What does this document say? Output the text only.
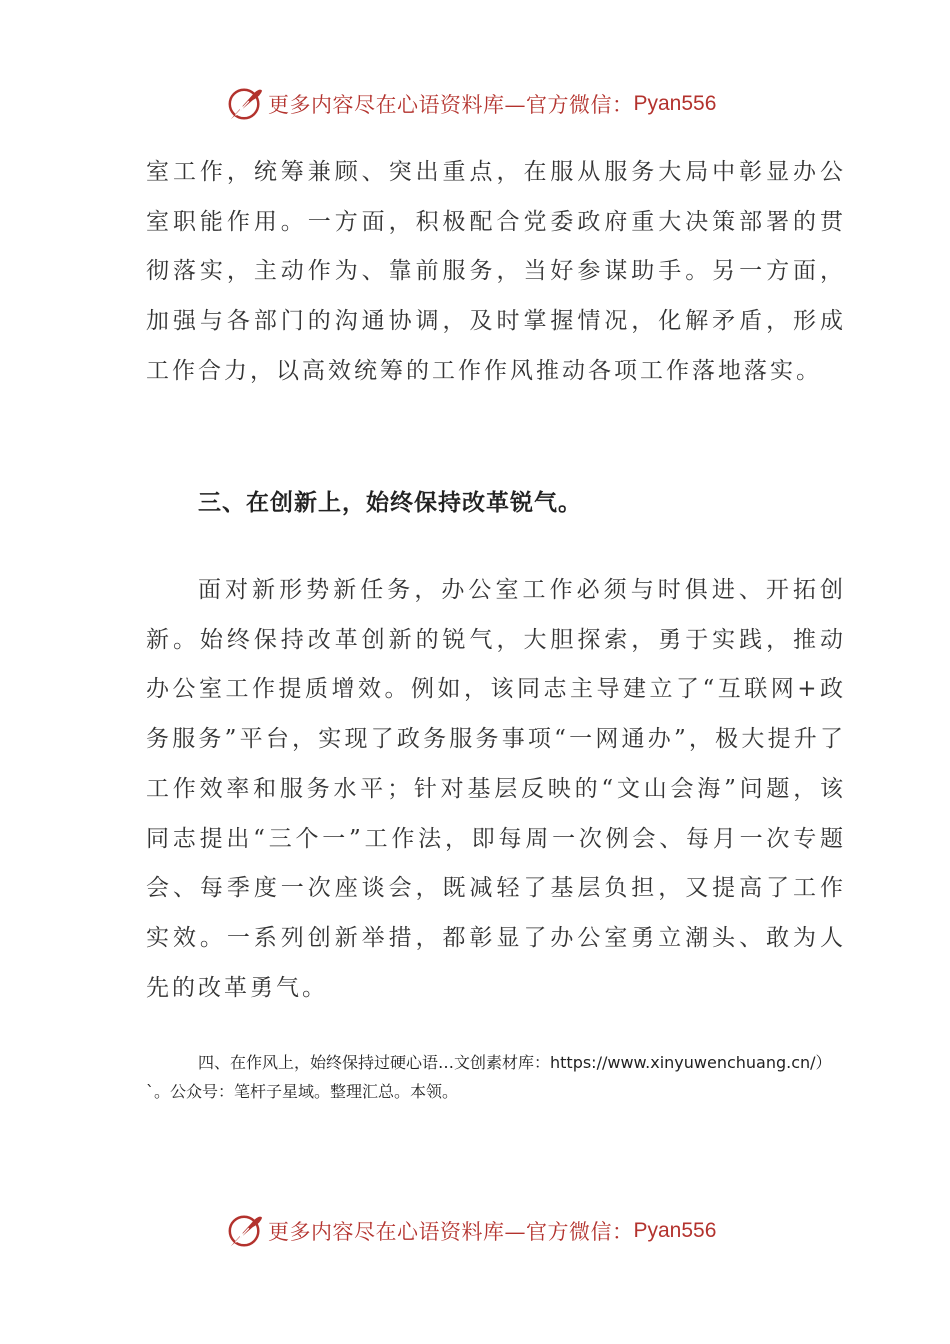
更多内容尽在心语资料库—官方微信： Pyan556

室工作，统筹兼顾、突出重点，在服从服务大局中彰显办公室职能作用。一方面，积极配合党委政府重大决策部署的贯彻落实，主动作为、靠前服务，当好参谋助手。另一方面，加强与各部门的沟通协调，及时掌握情况，化解矛盾，形成工作合力，以高效统筹的工作作风推动各项工作落地落实。

三、在创新上，始终保持改革锐气。

面对新形势新任务，办公室工作必须与时俱进、开拓创新。始终保持改革创新的锐气，大胆探索，勇于实践，推动办公室工作提质增效。例如，该同志主导建立了“互联网+政务服务”平台，实现了政务服务事项“一网通办”，极大提升了工作效率和服务水平；针对基层反映的“文山会海”问题，该同志提出“三个一”工作法，即每周一次例会、每月一次专题会、每季度一次座谈会，既减轻了基层负担，又提高了工作实效。一系列创新举措，都彰显了办公室勇立潮头、敢为人先的改革勇气。

四、在作风上，始终保持过硬心语…文创素材库：https://www.xinyuwenchuang.cn/）`。公众号：笔杆子星域。整理汇总。本领。

更多内容尽在心语资料库—官方微信： Pyan556
